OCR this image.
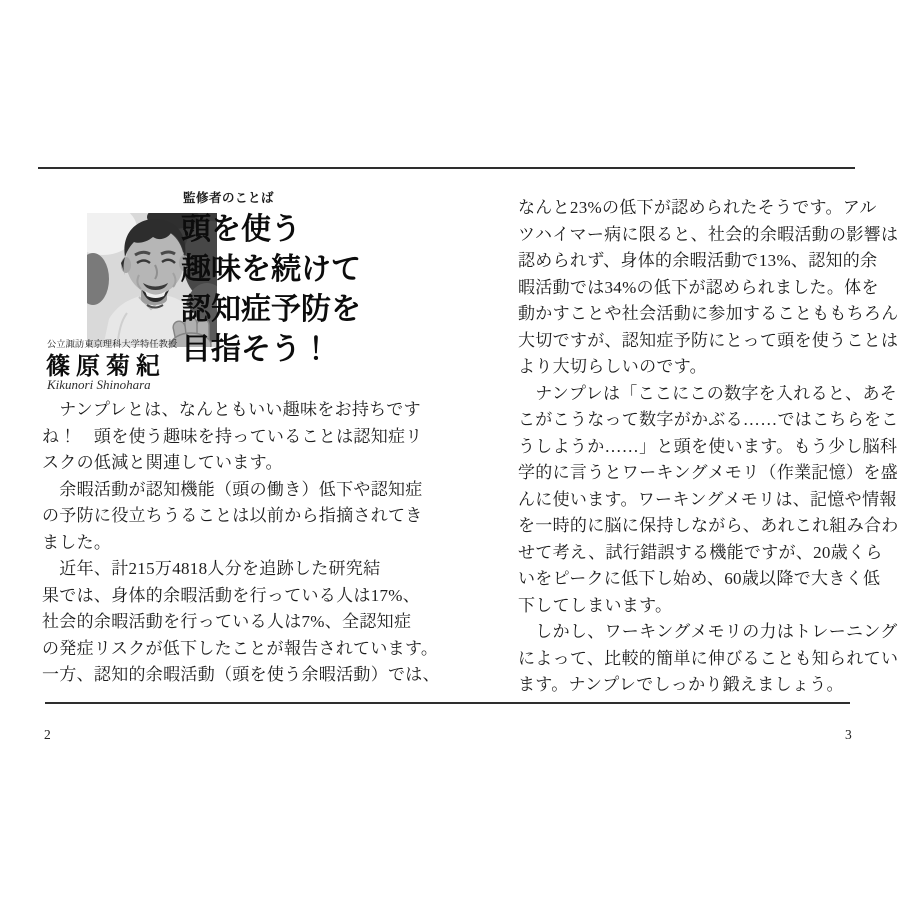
監修者のことば
頭を使う
趣味を続けて
認知症予防を
目指そう！
公立諏訪東京理科大学特任教授
篠原菊紀
Kikunori Shinohara
　ナンプレとは、なんともいい趣味をお持ちです
ね！　頭を使う趣味を持っていることは認知症リ
スクの低減と関連しています。
　余暇活動が認知機能（頭の働き）低下や認知症
の予防に役立ちうることは以前から指摘されてき
ました。
　近年、計215万4818人分を追跡した研究結
果では、身体的余暇活動を行っている人は17%、
社会的余暇活動を行っている人は7%、全認知症
の発症リスクが低下したことが報告されています。
一方、認知的余暇活動（頭を使う余暇活動）では、
2
なんと23%の低下が認められたそうです。アル
ツハイマー病に限ると、社会的余暇活動の影響は
認められず、身体的余暇活動で13%、認知的余
暇活動では34%の低下が認められました。体を
動かすことや社会活動に参加することももちろん
大切ですが、認知症予防にとって頭を使うことは
より大切らしいのです。
　ナンプレは「ここにこの数字を入れると、あそ
こがこうなって数字がかぶる……ではこちらをこ
うしようか……」と頭を使います。もう少し脳科
学的に言うとワーキングメモリ（作業記憶）を盛
んに使います。ワーキングメモリは、記憶や情報
を一時的に脳に保持しながら、あれこれ組み合わ
せて考え、試行錯誤する機能ですが、20歳くら
いをピークに低下し始め、60歳以降で大きく低
下してしまいます。
　しかし、ワーキングメモリの力はトレーニング
によって、比較的簡単に伸びることも知られてい
ます。ナンプレでしっかり鍛えましょう。
3
